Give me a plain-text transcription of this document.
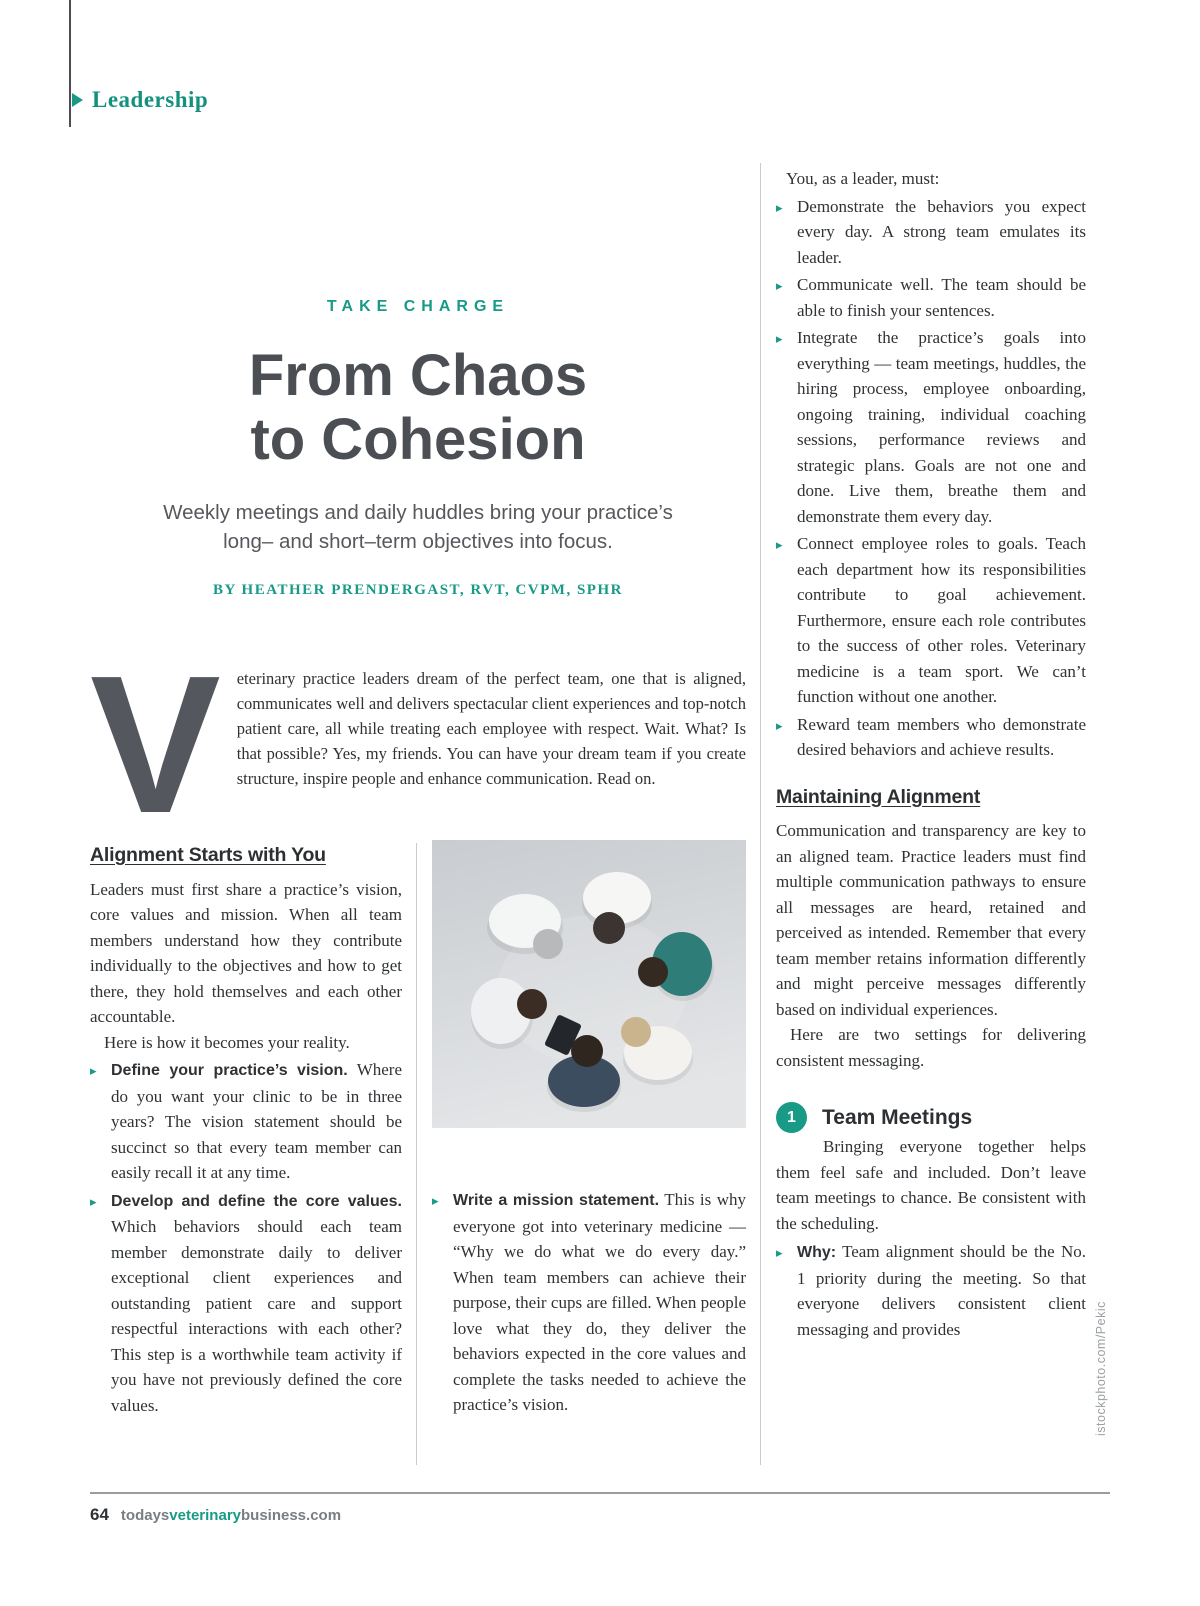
Leadership
TAKE CHARGE
From Chaos
to Cohesion
Weekly meetings and daily huddles bring your practice’s long– and short–term objectives into focus.
BY HEATHER PRENDERGAST, RVT, CVPM, SPHR
Veterinary practice leaders dream of the perfect team, one that is aligned, communicates well and delivers spectacular client experiences and top-notch patient care, all while treating each employee with respect. Wait. What? Is that possible? Yes, my friends. You can have your dream team if you create structure, inspire people and enhance communication. Read on.
Alignment Starts with You

Leaders must first share a practice’s vision, core values and mission. When all team members understand how they contribute individually to the objectives and how to get there, they hold themselves and each other accountable.

Here is how it becomes your reality.

▸ Define your practice’s vision. Where do you want your clinic to be in three years? The vision statement should be succinct so that every team member can easily recall it at any time.

▸ Develop and define the core values. Which behaviors should each team member demonstrate daily to deliver exceptional client experiences and outstanding patient care and support respectful interactions with each other? This step is a worthwhile team activity if you have not previously defined the core values.

▸ Write a mission statement. This is why everyone got into veterinary medicine — “Why we do what we do every day.” When team members can achieve their purpose, their cups are filled. When people love what they do, they deliver the behaviors expected in the core values and complete the tasks needed to achieve the practice’s vision.

You, as a leader, must:

▸ Demonstrate the behaviors you expect every day. A strong team emulates its leader.

▸ Communicate well. The team should be able to finish your sentences.

▸ Integrate the practice’s goals into everything — team meetings, huddles, the hiring process, employee onboarding, ongoing training, individual coaching sessions, performance reviews and strategic plans. Goals are not one and done. Live them, breathe them and demonstrate them every day.

▸ Connect employee roles to goals. Teach each department how its responsibilities contribute to goal achievement. Furthermore, ensure each role contributes to the success of other roles. Veterinary medicine is a team sport. We can’t function without one another.

▸ Reward team members who demonstrate desired behaviors and achieve results.

Maintaining Alignment

Communication and transparency are key to an aligned team. Practice leaders must find multiple communication pathways to ensure all messages are heard, retained and perceived as intended. Remember that every team member retains information differently and might perceive messages differently based on individual experiences.

Here are two settings for delivering consistent messaging.

1	Team Meetings

Bringing everyone together helps them feel safe and included. Don’t leave team meetings to chance. Be consistent with the scheduling.

▸ Why: Team alignment should be the No. 1 priority during the meeting. So that everyone delivers consistent client messaging and provides	istockphoto.com/Pekic
64 todaysveterinarybusiness.com
